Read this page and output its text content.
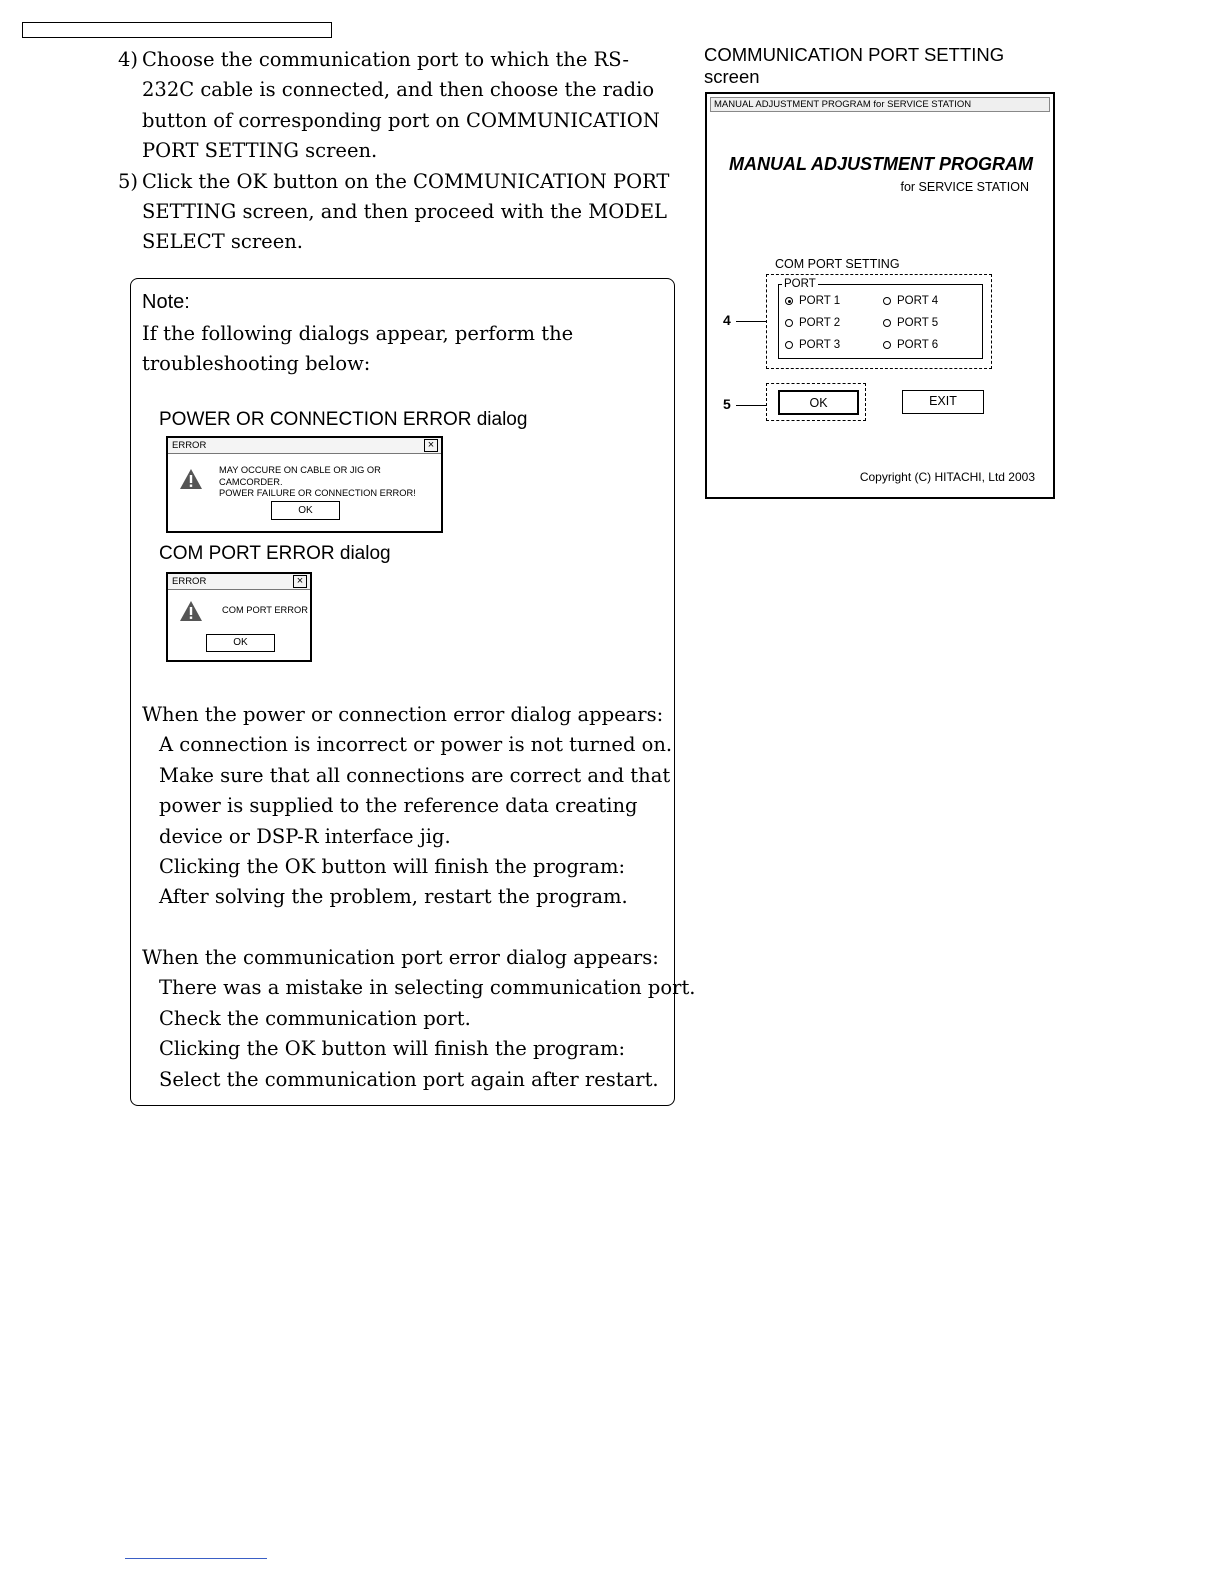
4) Choose the communication port to which the RS-232C cable is connected, and then choose the radio button of corresponding port on COMMUNICATION PORT SETTING screen.
5) Click the OK button on the COMMUNICATION PORT SETTING screen, and then proceed with the MODEL SELECT screen.
Note:
If the following dialogs appear, perform the troubleshooting below:
POWER OR CONNECTION ERROR dialog
ERROR	×
MAY OCCURE ON CABLE OR JIG OR CAMCORDER.
POWER FAILURE OR CONNECTION ERROR!
OK
COM PORT ERROR dialog
ERROR	×
COM PORT ERROR
OK
When the power or connection error dialog appears:
A connection is incorrect or power is not turned on.
Make sure that all connections are correct and that
power is supplied to the reference data creating
device or DSP-R interface jig.
Clicking the OK button will finish the program:
After solving the problem, restart the program.
When the communication port error dialog appears:
There was a mistake in selecting communication port.
Check the communication port.
Clicking the OK button will finish the program:
Select the communication port again after restart.
COMMUNICATION PORT SETTING
screen
MANUAL ADJUSTMENT PROGRAM for SERVICE STATION
MANUAL ADJUSTMENT PROGRAM
for SERVICE STATION
COM PORT SETTING
PORT
PORT 1
PORT 2
PORT 3
PORT 4
PORT 5
PORT 6
OK	EXIT
Copyright (C) HITACHI, Ltd 2003
4
5
